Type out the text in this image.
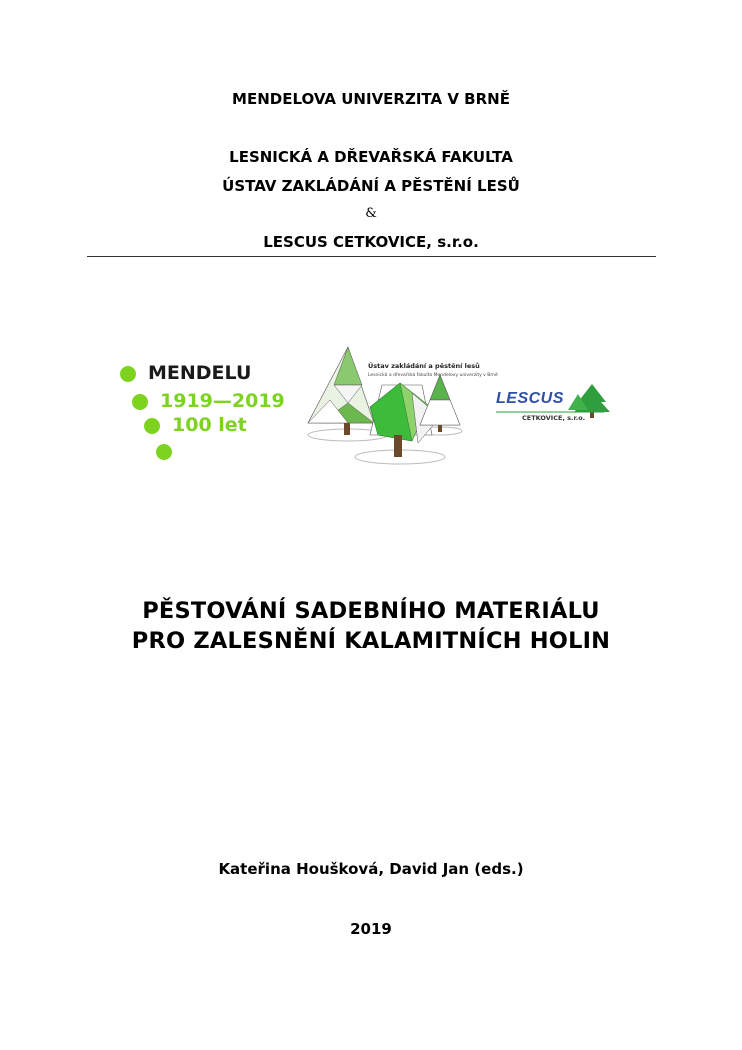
MENDELOVA UNIVERZITA V BRNĚ
LESNICKÁ A DŘEVAŘSKÁ FAKULTA
ÚSTAV ZAKLÁDÁNÍ A PĚSTĚNÍ LESŮ
&
LESCUS CETKOVICE, s.r.o.
MENDELU
1919—2019
100 let
Ústav zakládání a pěstění lesů
Lesnická a dřevařská fakulta Mendelovy univerzity v Brně
LESCUS
CETKOVICE, s.r.o.
PĚSTOVÁNÍ SADEBNÍHO MATERIÁLU
PRO ZALESNĚNÍ KALAMITNÍCH HOLIN
Kateřina Houšková, David Jan (eds.)
2019
